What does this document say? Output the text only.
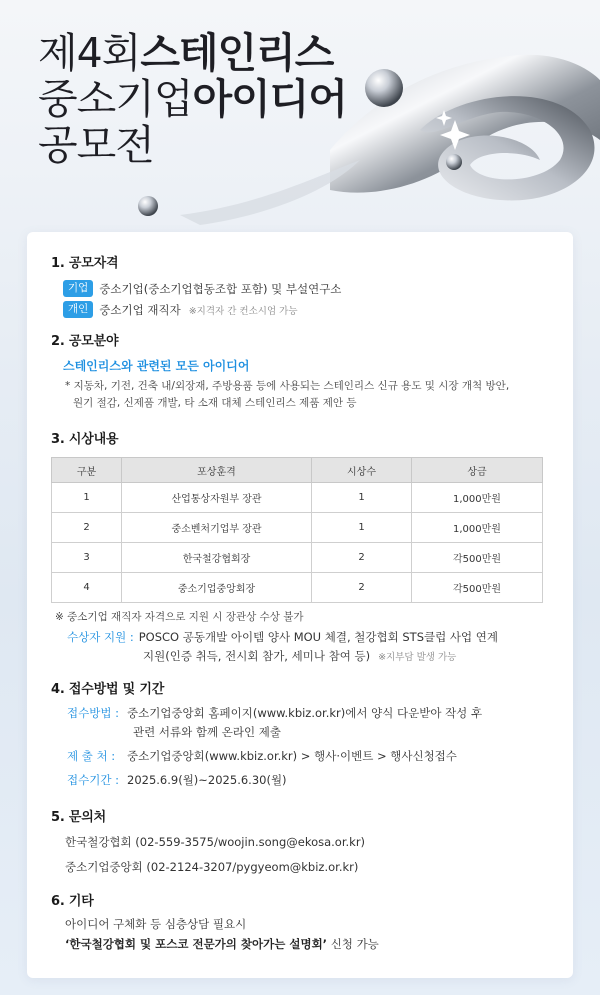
제4회스테인리스
중소기업아이디어
공모전
1. 공모자격
기업 중소기업(중소기업협동조합 포함) 및 부설연구소
개인 중소기업 재직자 ※지격자 간 컨소시엄 가능
2. 공모분야
스테인리스와 관련된 모든 아이디어
* 지동차, 기전, 건축 내/외장재, 주방용품 등에 사용되는 스테인리스 신규 용도 및 시장 개척 방안,
원기 절감, 신제품 개발, 타 소재 대체 스테인리스 제품 제안 등
3. 시상내용
구분	포상훈격	시상수	상금
1	산업통상자원부 장관	1	1,000만원
2	중소벤처기업부 장관	1	1,000만원
3	한국철강협회장	2	각500만원
4	중소기업중앙회장	2	각500만원
※ 중소기업 재직자 자격으로 지원 시 장관상 수상 불가
수상자 지원 : POSCO 공동개발 아이템 양사 MOU 체결, 철강협회 STS클럽 사업 연계
지원(인증 취득, 전시회 참가, 세미나 참여 등) ※지부담 발생 가능
4. 접수방법 및 기간
접수방법 : 중소기업중앙회 홈페이지(www.kbiz.or.kr)에서 양식 다운받아 작성 후
관련 서류와 함께 온라인 제출
제 출 처 :	중소기업중앙회(www.kbiz.or.kr) > 행사·이벤트 > 행사신청접수
접수기간 : 2025.6.9(월)~2025.6.30(월)
5. 문의처
한국철강협회 (02-559-3575/woojin.song@ekosa.or.kr)
중소기업중앙회 (02-2124-3207/pygyeom@kbiz.or.kr)
6. 기타
아이디어 구체화 등 심층상담 필요시
‘한국철강협회 및 포스코 전문가의 찾아가는 설명회’ 신청 가능
